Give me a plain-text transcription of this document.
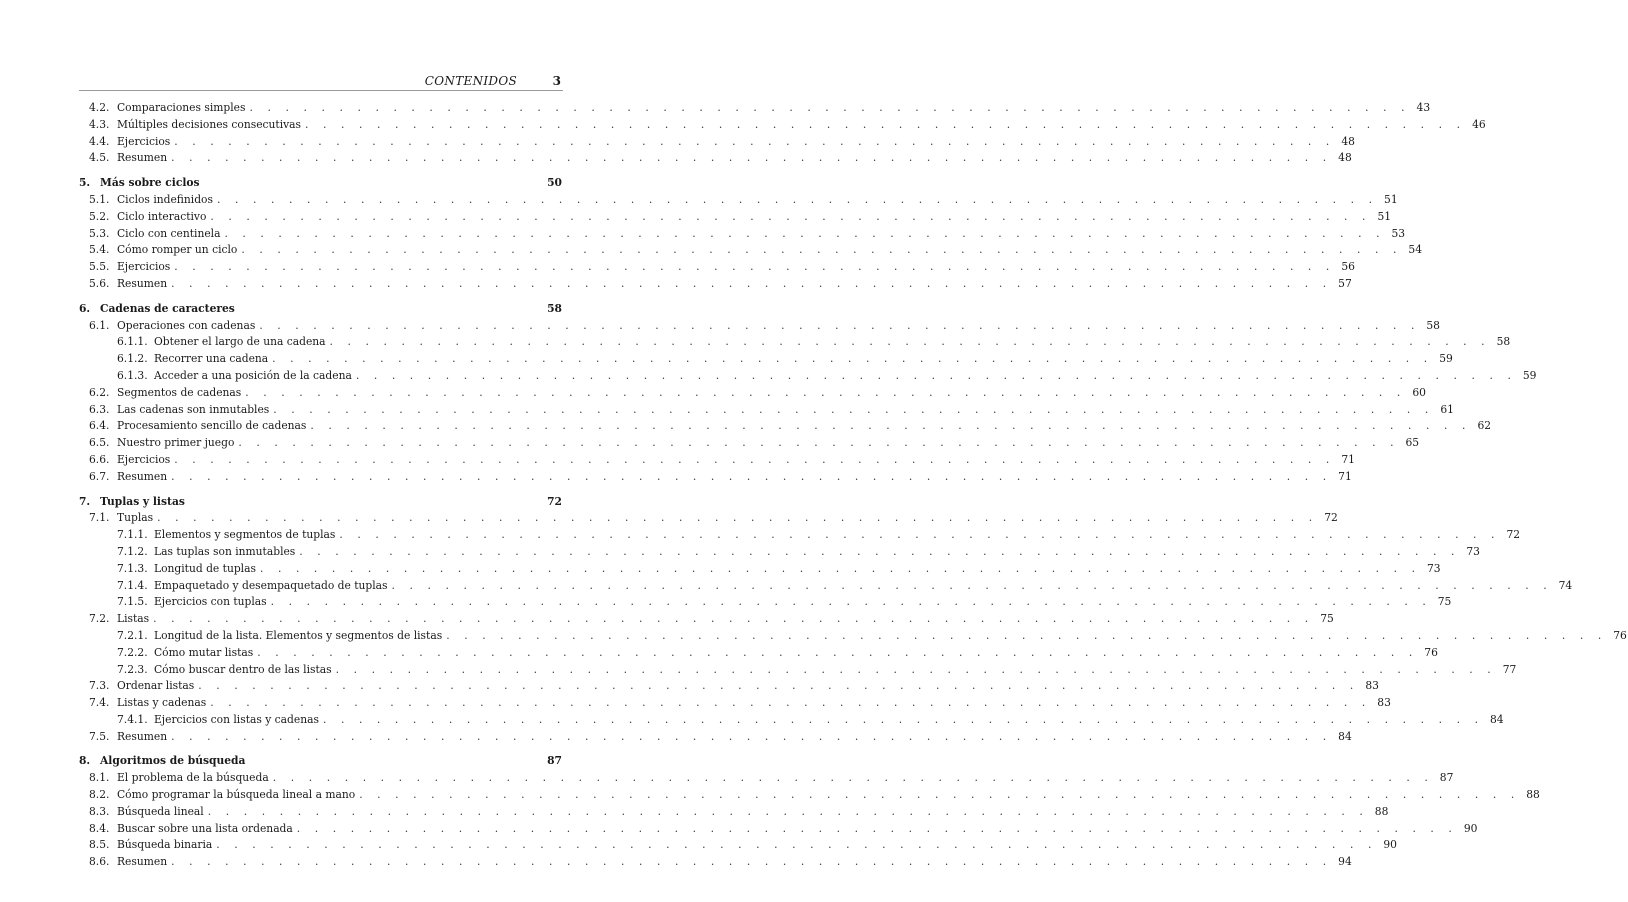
CONTENIDOS	3
4.2. Comparaciones simples . . . . . . . . . . . . . . . . . . . . . . . . . . . . . . . . . . . . . . . . . . . . . . . . . . . . . . . . . . . . . . . . . 43
4.3. Múltiples decisiones consecutivas . . . . . . . . . . . . . . . . . . . . . . . . . . . . . . . . . . . . . . . . . . . . . . . . . . . . . . . . . . . . . . . . . 46
4.4. Ejercicios . . . . . . . . . . . . . . . . . . . . . . . . . . . . . . . . . . . . . . . . . . . . . . . . . . . . . . . . . . . . . . . . . 48
4.5. Resumen . . . . . . . . . . . . . . . . . . . . . . . . . . . . . . . . . . . . . . . . . . . . . . . . . . . . . . . . . . . . . . . . . 48
5. Más sobre ciclos	50
5.1. Ciclos indefinidos . . . . . . . . . . . . . . . . . . . . . . . . . . . . . . . . . . . . . . . . . . . . . . . . . . . . . . . . . . . . . . . . . 51
5.2. Ciclo interactivo . . . . . . . . . . . . . . . . . . . . . . . . . . . . . . . . . . . . . . . . . . . . . . . . . . . . . . . . . . . . . . . . . 51
5.3. Ciclo con centinela . . . . . . . . . . . . . . . . . . . . . . . . . . . . . . . . . . . . . . . . . . . . . . . . . . . . . . . . . . . . . . . . . 53
5.4. Cómo romper un ciclo . . . . . . . . . . . . . . . . . . . . . . . . . . . . . . . . . . . . . . . . . . . . . . . . . . . . . . . . . . . . . . . . . 54
5.5. Ejercicios . . . . . . . . . . . . . . . . . . . . . . . . . . . . . . . . . . . . . . . . . . . . . . . . . . . . . . . . . . . . . . . . . 56
5.6. Resumen . . . . . . . . . . . . . . . . . . . . . . . . . . . . . . . . . . . . . . . . . . . . . . . . . . . . . . . . . . . . . . . . . 57
6. Cadenas de caracteres	58
6.1. Operaciones con cadenas . . . . . . . . . . . . . . . . . . . . . . . . . . . . . . . . . . . . . . . . . . . . . . . . . . . . . . . . . . . . . . . . . 58
6.1.1. Obtener el largo de una cadena . . . . . . . . . . . . . . . . . . . . . . . . . . . . . . . . . . . . . . . . . . . . . . . . . . . . . . . . . . . . . . . . . 58
6.1.2. Recorrer una cadena . . . . . . . . . . . . . . . . . . . . . . . . . . . . . . . . . . . . . . . . . . . . . . . . . . . . . . . . . . . . . . . . . 59
6.1.3. Acceder a una posición de la cadena . . . . . . . . . . . . . . . . . . . . . . . . . . . . . . . . . . . . . . . . . . . . . . . . . . . . . . . . . . . . . . . . . 59
6.2. Segmentos de cadenas . . . . . . . . . . . . . . . . . . . . . . . . . . . . . . . . . . . . . . . . . . . . . . . . . . . . . . . . . . . . . . . . . 60
6.3. Las cadenas son inmutables . . . . . . . . . . . . . . . . . . . . . . . . . . . . . . . . . . . . . . . . . . . . . . . . . . . . . . . . . . . . . . . . . 61
6.4. Procesamiento sencillo de cadenas . . . . . . . . . . . . . . . . . . . . . . . . . . . . . . . . . . . . . . . . . . . . . . . . . . . . . . . . . . . . . . . . . 62
6.5. Nuestro primer juego . . . . . . . . . . . . . . . . . . . . . . . . . . . . . . . . . . . . . . . . . . . . . . . . . . . . . . . . . . . . . . . . . 65
6.6. Ejercicios . . . . . . . . . . . . . . . . . . . . . . . . . . . . . . . . . . . . . . . . . . . . . . . . . . . . . . . . . . . . . . . . . 71
6.7. Resumen . . . . . . . . . . . . . . . . . . . . . . . . . . . . . . . . . . . . . . . . . . . . . . . . . . . . . . . . . . . . . . . . . 71
7. Tuplas y listas	72
7.1. Tuplas . . . . . . . . . . . . . . . . . . . . . . . . . . . . . . . . . . . . . . . . . . . . . . . . . . . . . . . . . . . . . . . . . 72
7.1.1. Elementos y segmentos de tuplas . . . . . . . . . . . . . . . . . . . . . . . . . . . . . . . . . . . . . . . . . . . . . . . . . . . . . . . . . . . . . . . . . 72
7.1.2. Las tuplas son inmutables . . . . . . . . . . . . . . . . . . . . . . . . . . . . . . . . . . . . . . . . . . . . . . . . . . . . . . . . . . . . . . . . . 73
7.1.3. Longitud de tuplas . . . . . . . . . . . . . . . . . . . . . . . . . . . . . . . . . . . . . . . . . . . . . . . . . . . . . . . . . . . . . . . . . 73
7.1.4. Empaquetado y desempaquetado de tuplas . . . . . . . . . . . . . . . . . . . . . . . . . . . . . . . . . . . . . . . . . . . . . . . . . . . . . . . . . . . . . . . . . 74
7.1.5. Ejercicios con tuplas . . . . . . . . . . . . . . . . . . . . . . . . . . . . . . . . . . . . . . . . . . . . . . . . . . . . . . . . . . . . . . . . . 75
7.2. Listas . . . . . . . . . . . . . . . . . . . . . . . . . . . . . . . . . . . . . . . . . . . . . . . . . . . . . . . . . . . . . . . . . 75
7.2.1. Longitud de la lista. Elementos y segmentos de listas . . . . . . . . . . . . . . . . . . . . . . . . . . . . . . . . . . . . . . . . . . . . . . . . . . . . . . . . . . . . . . . . . 76
7.2.2. Cómo mutar listas . . . . . . . . . . . . . . . . . . . . . . . . . . . . . . . . . . . . . . . . . . . . . . . . . . . . . . . . . . . . . . . . . 76
7.2.3. Cómo buscar dentro de las listas . . . . . . . . . . . . . . . . . . . . . . . . . . . . . . . . . . . . . . . . . . . . . . . . . . . . . . . . . . . . . . . . . 77
7.3. Ordenar listas . . . . . . . . . . . . . . . . . . . . . . . . . . . . . . . . . . . . . . . . . . . . . . . . . . . . . . . . . . . . . . . . . 83
7.4. Listas y cadenas . . . . . . . . . . . . . . . . . . . . . . . . . . . . . . . . . . . . . . . . . . . . . . . . . . . . . . . . . . . . . . . . . 83
7.4.1. Ejercicios con listas y cadenas . . . . . . . . . . . . . . . . . . . . . . . . . . . . . . . . . . . . . . . . . . . . . . . . . . . . . . . . . . . . . . . . . 84
7.5. Resumen . . . . . . . . . . . . . . . . . . . . . . . . . . . . . . . . . . . . . . . . . . . . . . . . . . . . . . . . . . . . . . . . . 84
8. Algoritmos de búsqueda	87
8.1. El problema de la búsqueda . . . . . . . . . . . . . . . . . . . . . . . . . . . . . . . . . . . . . . . . . . . . . . . . . . . . . . . . . . . . . . . . . 87
8.2. Cómo programar la búsqueda lineal a mano . . . . . . . . . . . . . . . . . . . . . . . . . . . . . . . . . . . . . . . . . . . . . . . . . . . . . . . . . . . . . . . . . 88
8.3. Búsqueda lineal . . . . . . . . . . . . . . . . . . . . . . . . . . . . . . . . . . . . . . . . . . . . . . . . . . . . . . . . . . . . . . . . . 88
8.4. Buscar sobre una lista ordenada . . . . . . . . . . . . . . . . . . . . . . . . . . . . . . . . . . . . . . . . . . . . . . . . . . . . . . . . . . . . . . . . . 90
8.5. Búsqueda binaria . . . . . . . . . . . . . . . . . . . . . . . . . . . . . . . . . . . . . . . . . . . . . . . . . . . . . . . . . . . . . . . . . 90
8.6. Resumen . . . . . . . . . . . . . . . . . . . . . . . . . . . . . . . . . . . . . . . . . . . . . . . . . . . . . . . . . . . . . . . . . 94
